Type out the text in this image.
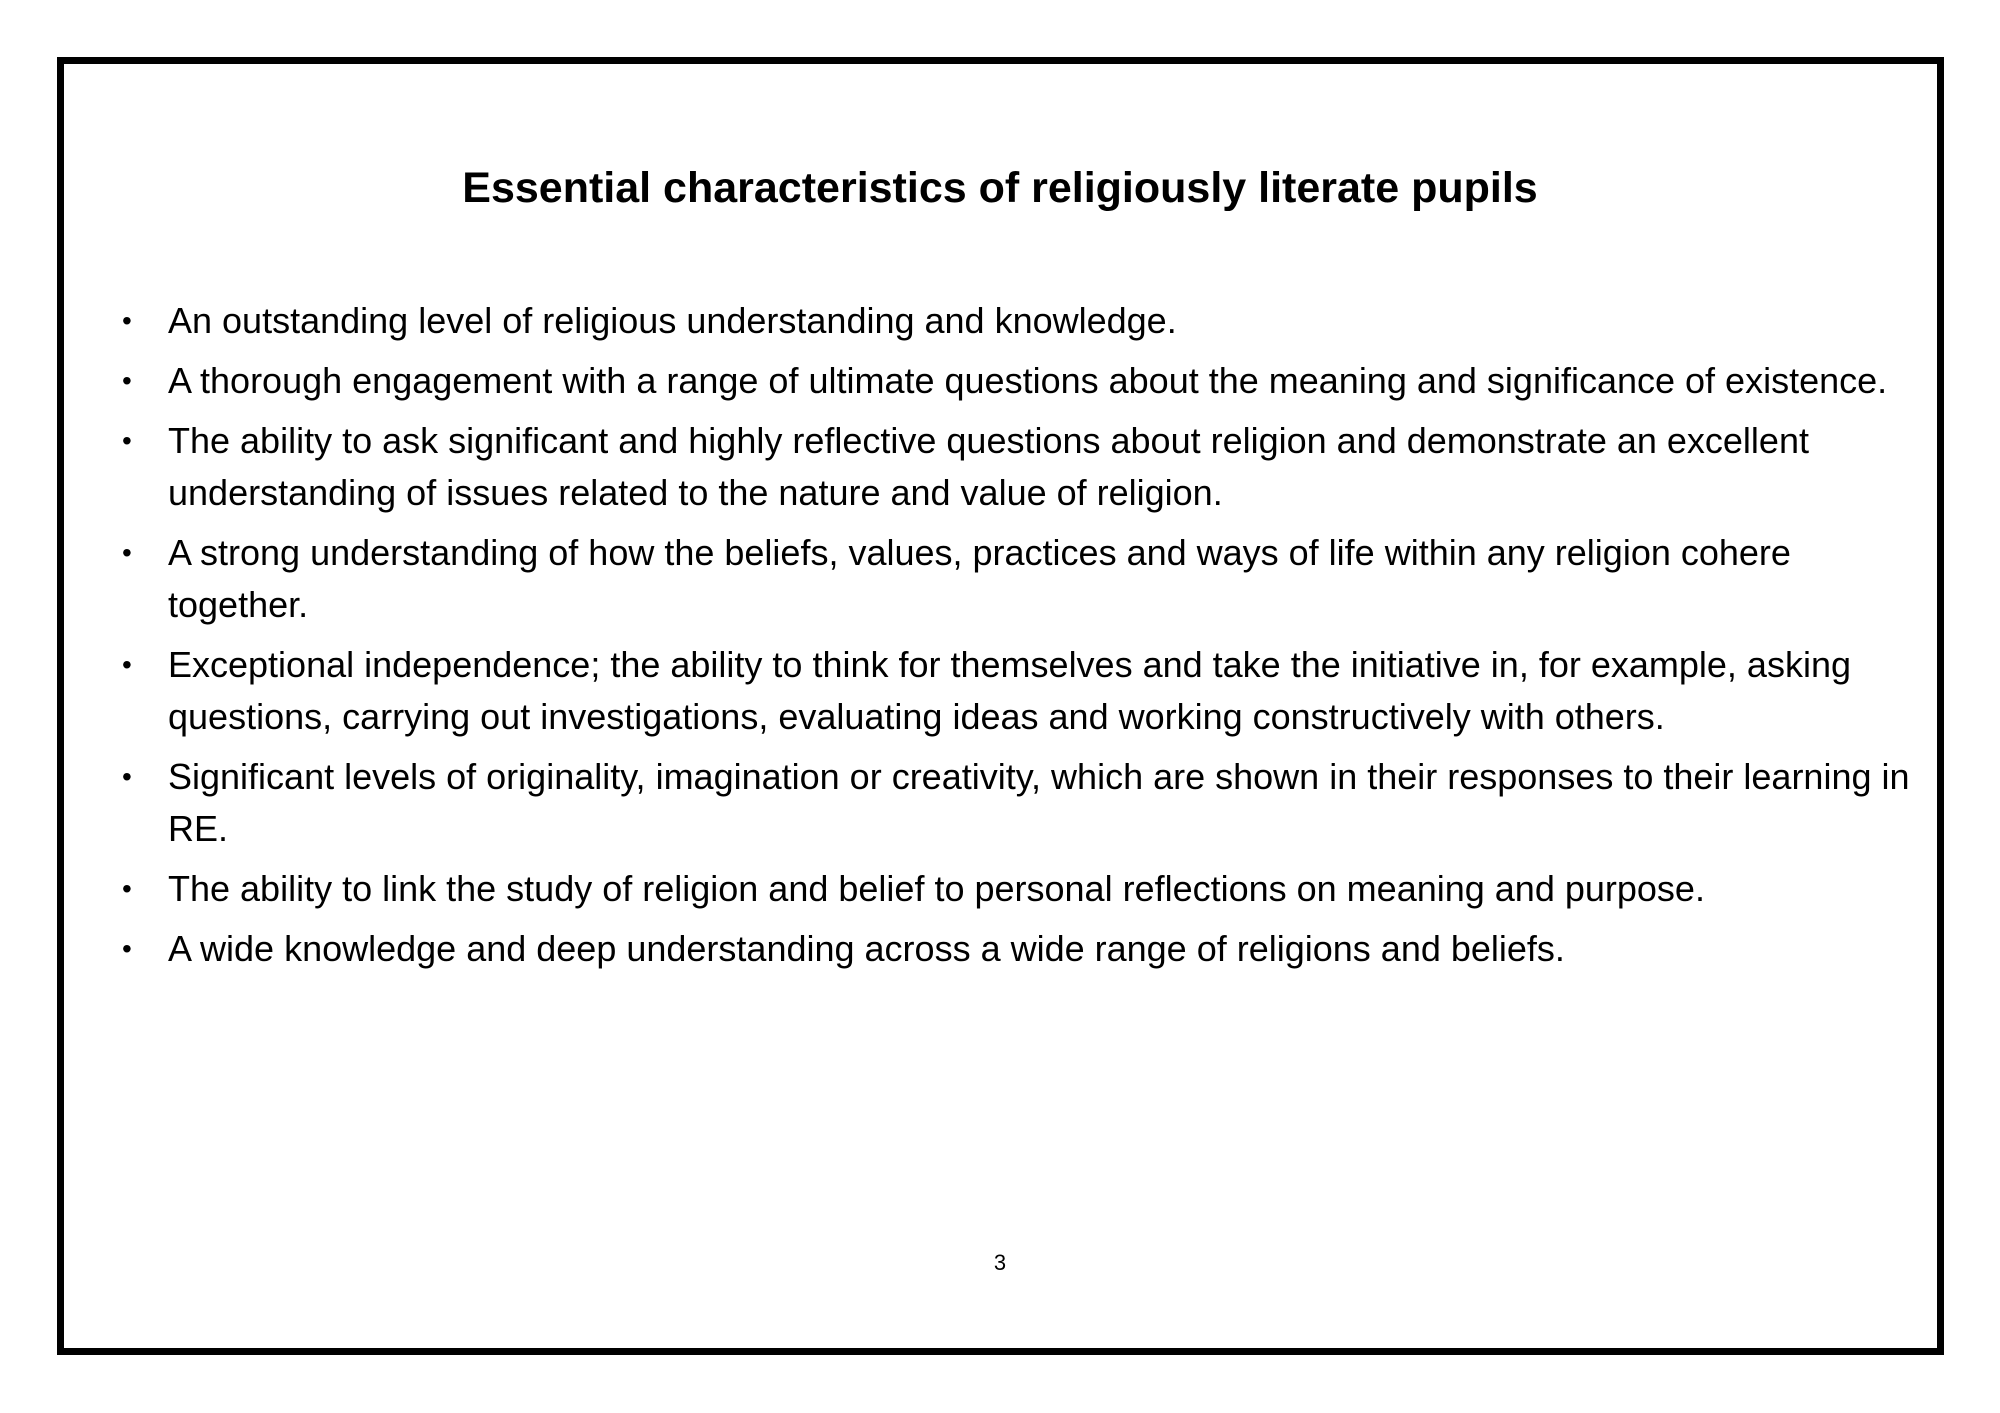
Essential characteristics of religiously literate pupils
• An outstanding level of religious understanding and knowledge.
• A thorough engagement with a range of ultimate questions about the meaning and significance of existence.
• The ability to ask significant and highly reflective questions about religion and demonstrate an excellent understanding of issues related to the nature and value of religion.
• A strong understanding of how the beliefs, values, practices and ways of life within any religion cohere together.
• Exceptional independence; the ability to think for themselves and take the initiative in, for example, asking questions, carrying out investigations, evaluating ideas and working constructively with others.
• Significant levels of originality, imagination or creativity, which are shown in their responses to their learning in RE.
• The ability to link the study of religion and belief to personal reflections on meaning and purpose.
• A wide knowledge and deep understanding across a wide range of religions and beliefs.
3
